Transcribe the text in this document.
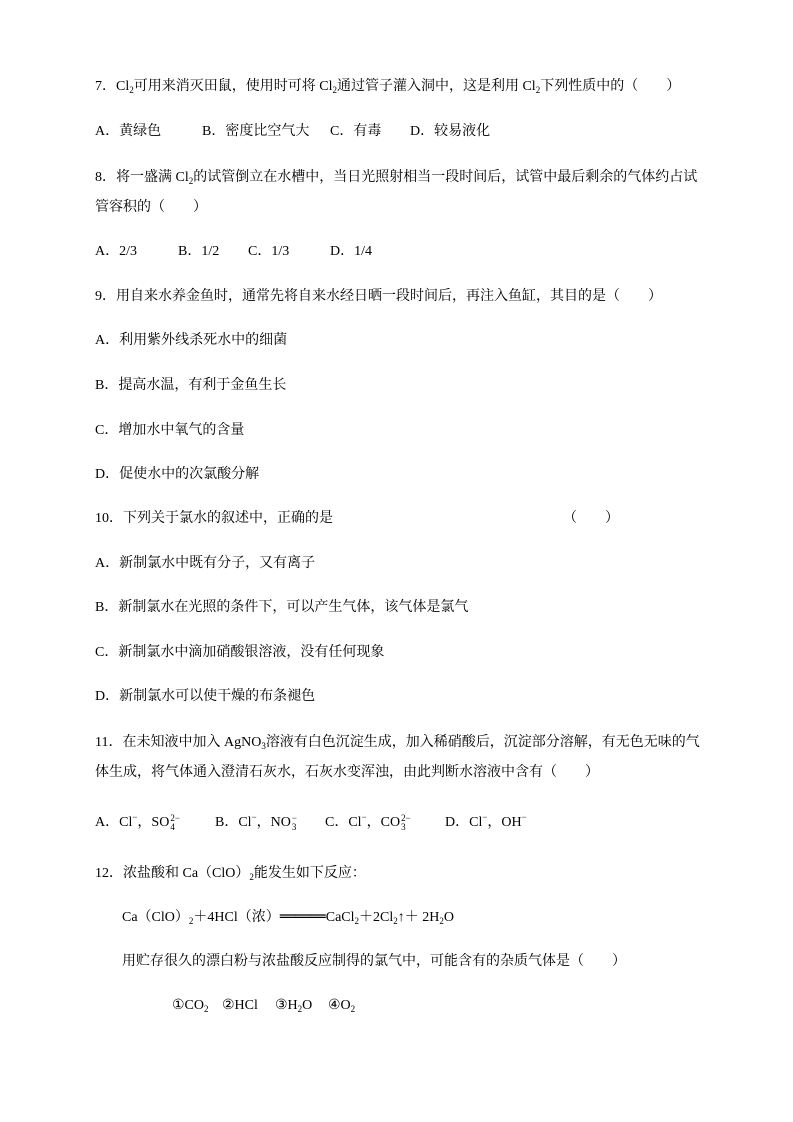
7．$Cl_2$可用来消灭田鼠，使用时可将 $Cl_2$通过管子灌入洞中，这是利用 $Cl_2$下列性质中的（　　）
A．黄绿色	B．密度比空气大 C．有毒 D．较易液化
8．将一盛满 $Cl_2$的试管倒立在水槽中，当日光照射相当一段时间后，试管中最后剩余的气体约占试
管容积的（　　）
A．2/3	B．1/2 C．1/3	D．1/4
9．用自来水养金鱼时，通常先将自来水经日晒一段时间后，再注入鱼缸，其目的是（　　）
A．利用紫外线杀死水中的细菌
B．提高水温，有利于金鱼生长
C．增加水中氧气的含量
D．促使水中的次氯酸分解
10．下列关于氯水的叙述中，正确的是	（　　）
A．新制氯水中既有分子，又有离子
B．新制氯水在光照的条件下，可以产生气体，该气体是氯气
C．新制氯水中滴加硝酸银溶液，没有任何现象
D．新制氯水可以使干燥的布条褪色
11．在未知液中加入 AgNO$_3$溶液有白色沉淀生成，加入稀硝酸后，沉淀部分溶解，有无色无味的气
体生成，将气体通入澄清石灰水，石灰水变浑浊，由此判断水溶液中含有（　　）
A．Cl−，SO 2−
4	B．Cl−，NO −
3 C．Cl−，CO 2−
3	D．Cl−，OH−
12．浓盐酸和 $Ca(ClO)_2$能发生如下反应：
$Ca(ClO)_2+4HCl$（浓）$═══CaCl_2+2Cl_2↑+ 2H_2O$
用贮存很久的漂白粉与浓盐酸反应制得的氯气中，可能含有的杂质气体是（　　）
$①CO_2$ ②HCl $③H_2O$ $④O_2$
